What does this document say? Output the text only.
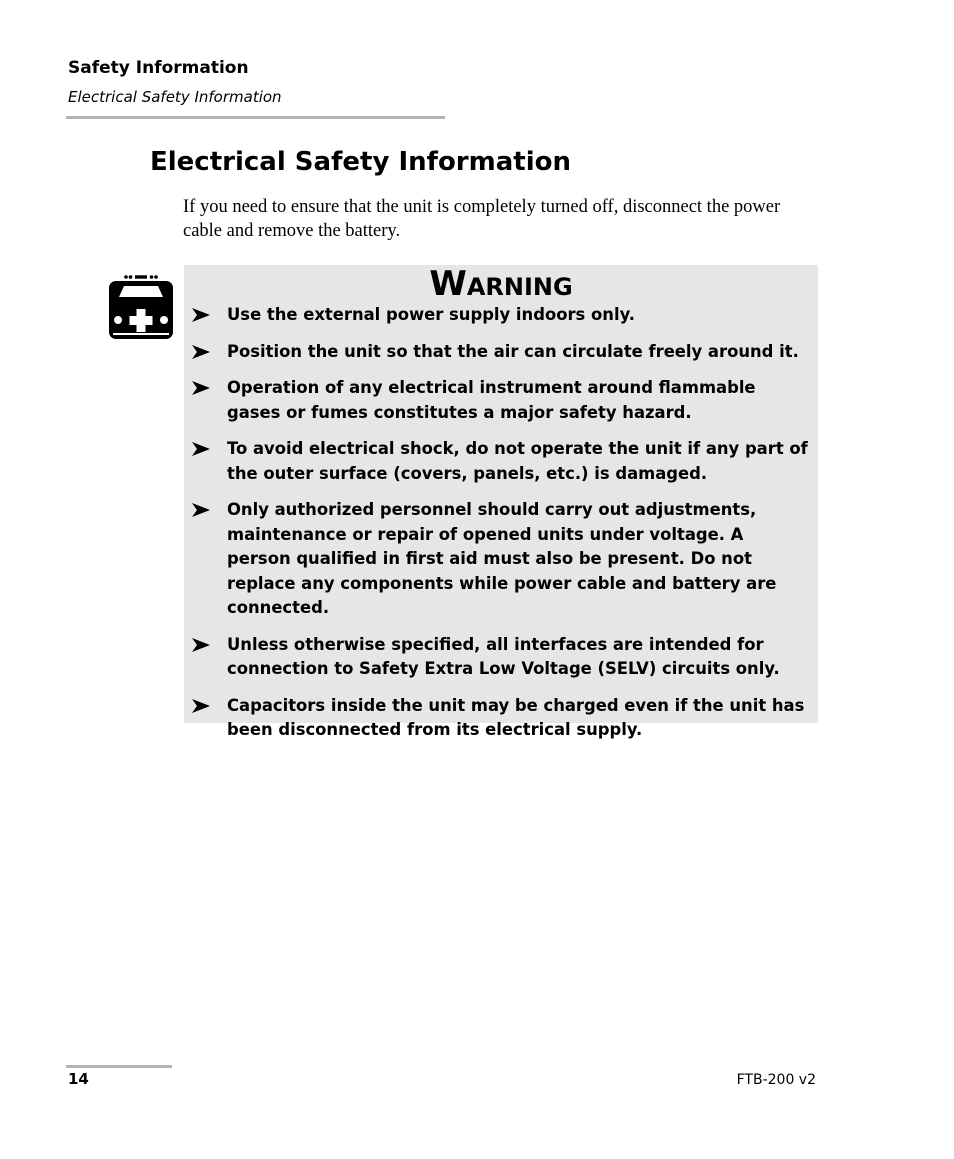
Safety Information
Electrical Safety Information
Electrical Safety Information
If you need to ensure that the unit is completely turned off, disconnect the power cable and remove the battery.
Warning
Use the external power supply indoors only.
Position the unit so that the air can circulate freely around it.
Operation of any electrical instrument around flammable gases or fumes constitutes a major safety hazard.
To avoid electrical shock, do not operate the unit if any part of the outer surface (covers, panels, etc.) is damaged.
Only authorized personnel should carry out adjustments, maintenance or repair of opened units under voltage. A person qualified in first aid must also be present. Do not replace any components while power cable and battery are connected.
Unless otherwise specified, all interfaces are intended for connection to Safety Extra Low Voltage (SELV) circuits only.
Capacitors inside the unit may be charged even if the unit has been disconnected from its electrical supply.
14	FTB-200 v2
